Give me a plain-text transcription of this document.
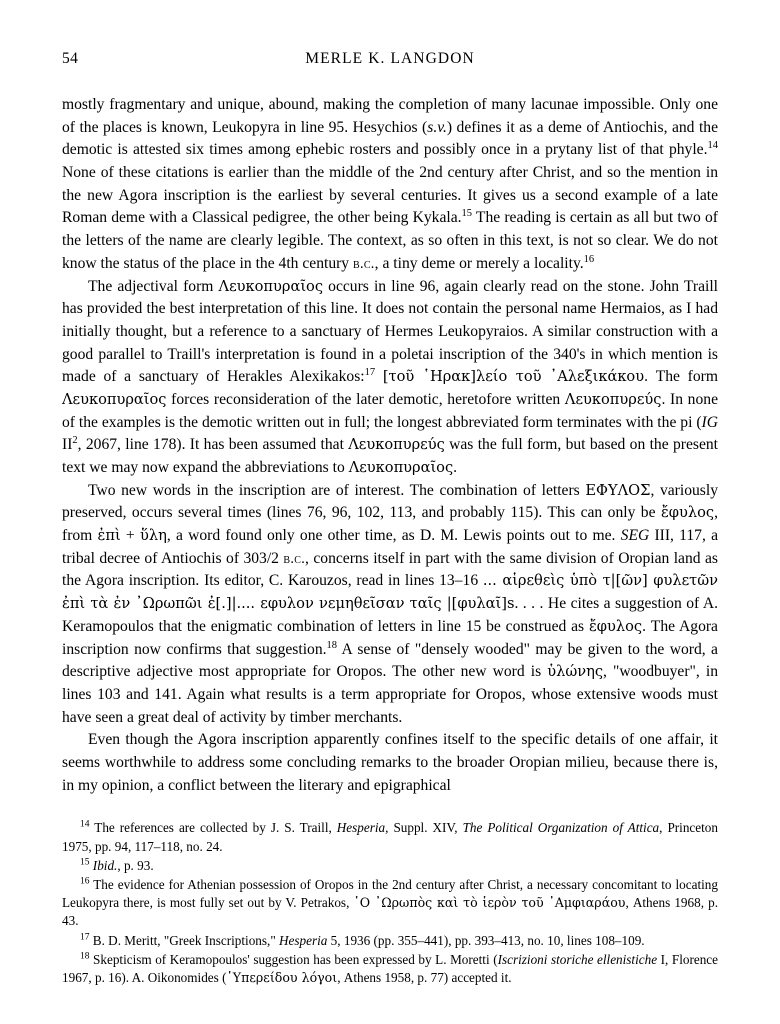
54	MERLE K. LANGDON

mostly fragmentary and unique, abound, making the completion of many lacunae impossible. Only one of the places is known, Leukopyra in line 95. Hesychios (s.v.) defines it as a deme of Antiochis, and the demotic is attested six times among ephebic rosters and possibly once in a prytany list of that phyle.$^{14}$ None of these citations is earlier than the middle of the 2nd century after Christ, and so the mention in the new Agora inscription is the earliest by several centuries. It gives us a second example of a late Roman deme with a Classical pedigree, the other being Kykala.$^{15}$ The reading is certain as all but two of the letters of the name are clearly legible. The context, as so often in this text, is not so clear. We do not know the status of the place in the 4th century b.c., a tiny deme or merely a locality.$^{16}$

The adjectival form Λευκοπυραῖος occurs in line 96, again clearly read on the stone. John Traill has provided the best interpretation of this line. It does not contain the personal name Hermaios, as I had initially thought, but a reference to a sanctuary of Hermes Leukopyraios. A similar construction with a good parallel to Traill's interpretation is found in a poletai inscription of the 340's in which mention is made of a sanctuary of Herakles Alexikakos:$^{17}$ [τοῦ ῾Ηρακ]λείο τοῦ ᾽Αλεξικάκου. The form Λευκοπυραῖος forces reconsideration of the later demotic, heretofore written Λευκοπυρεύς. In none of the examples is the demotic written out in full; the longest abbreviated form terminates with the pi (IG $II^2$, 2067, line 178). It has been assumed that Λευκοπυρεύς was the full form, but based on the present text we may now expand the abbreviations to Λευκοπυραῖος.

Two new words in the inscription are of interest. The combination of letters ΕΦΥΛΟΣ, variously preserved, occurs several times (lines 76, 96, 102, 113, and probably 115). This can only be ἔφυλος, from ἐπὶ + ὕλη, a word found only one other time, as D. M. Lewis points out to me. SEG III, 117, a tribal decree of Antiochis of 303/2 b.c., concerns itself in part with the same division of Oropian land as the Agora inscription. Its editor, C. Karouzos, read in lines 13–16 ... αἱρεθεὶς ὑπὸ τ|[ῶν] φυλετῶν ἐπὶ τὰ ἐν ᾽Ωρωπῶι ἐ[.]|.... εφυλον νεμηθεῖσαν ταῖς |[φυλαῖ]s. . . . He cites a suggestion of A. Keramopoulos that the enigmatic combination of letters in line 15 be construed as ἔφυλος. The Agora inscription now confirms that suggestion.$^{18}$ A sense of "densely wooded" may be given to the word, a descriptive adjective most appropriate for Oropos. The other new word is ὑλώνης, "woodbuyer", in lines 103 and 141. Again what results is a term appropriate for Oropos, whose extensive woods must have seen a great deal of activity by timber merchants.

Even though the Agora inscription apparently confines itself to the specific details of one affair, it seems worthwhile to address some concluding remarks to the broader Oropian milieu, because there is, in my opinion, a conflict between the literary and epigraphical

$^{14}$ The references are collected by J. S. Traill, Hesperia, Suppl. XIV, The Political Organization of Attica, Princeton 1975, pp. 94, 117–118, no. 24.

$^{15}$ Ibid., p. 93.

$^{16}$ The evidence for Athenian possession of Oropos in the 2nd century after Christ, a necessary concomitant to locating Leukopyra there, is most fully set out by V. Petrakos, ῾Ο ᾽Ωρωπὸς καὶ τὸ ἱερὸν τοῦ ᾽Αμφιαράου, Athens 1968, p. 43.

$^{17}$ B. D. Meritt, "Greek Inscriptions," Hesperia 5, 1936 (pp. 355–441), pp. 393–413, no. 10, lines 108–109.

$^{18}$ Skepticism of Keramopoulos' suggestion has been expressed by L. Moretti (Iscrizioni storiche ellenistiche I, Florence 1967, p. 16). A. Oikonomides (῾Υπερείδου λόγοι, Athens 1958, p. 77) accepted it.
